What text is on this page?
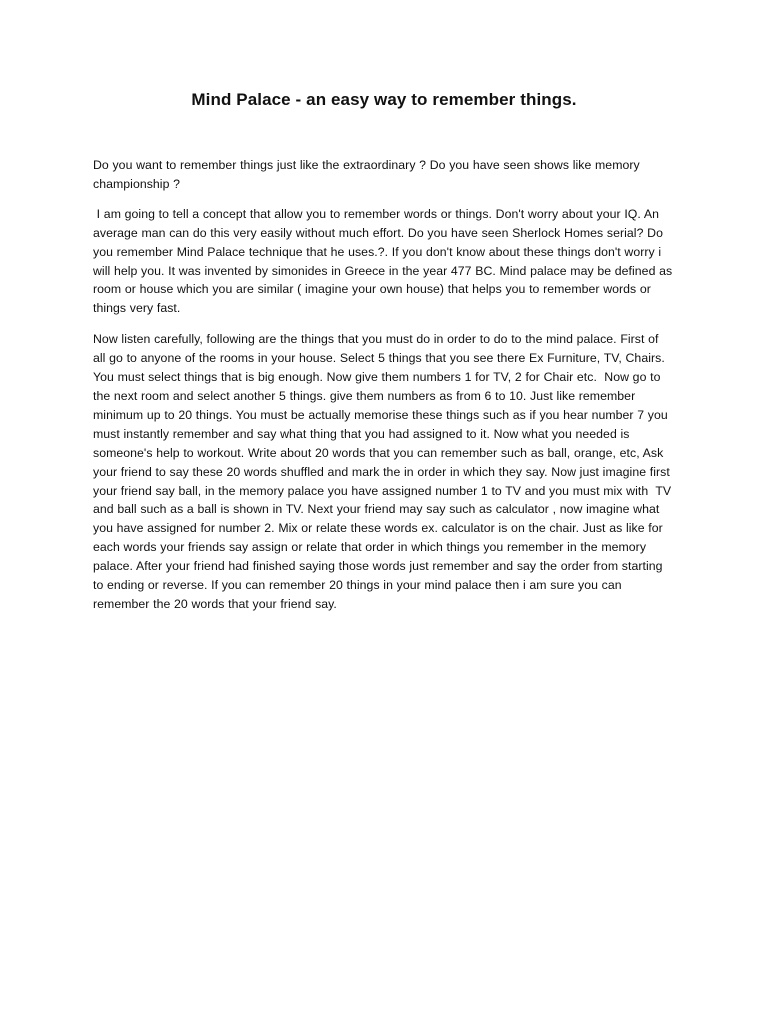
Mind Palace - an easy way to remember things.

Do you want to remember things just like the extraordinary ? Do you have seen shows like memory championship ?

I am going to tell a concept that allow you to remember words or things. Don't worry about your IQ. An average man can do this very easily without much effort. Do you have seen Sherlock Homes serial? Do you remember Mind Palace technique that he uses.?. If you don't know about these things don't worry i will help you. It was invented by simonides in Greece in the year 477 BC. Mind palace may be defined as room or house which you are similar ( imagine your own house) that helps you to remember words or things very fast.

Now listen carefully, following are the things that you must do in order to do to the mind palace. First of all go to anyone of the rooms in your house. Select 5 things that you see there Ex Furniture, TV, Chairs. You must select things that is big enough. Now give them numbers 1 for TV, 2 for Chair etc.  Now go to the next room and select another 5 things. give them numbers as from 6 to 10. Just like remember minimum up to 20 things. You must be actually memorise these things such as if you hear number 7 you must instantly remember and say what thing that you had assigned to it. Now what you needed is someone's help to workout. Write about 20 words that you can remember such as ball, orange, etc, Ask your friend to say these 20 words shuffled and mark the in order in which they say. Now just imagine first your friend say ball, in the memory palace you have assigned number 1 to TV and you must mix with  TV and ball such as a ball is shown in TV. Next your friend may say such as calculator , now imagine what you have assigned for number 2. Mix or relate these words ex. calculator is on the chair. Just as like for each words your friends say assign or relate that order in which things you remember in the memory palace. After your friend had finished saying those words just remember and say the order from starting to ending or reverse. If you can remember 20 things in your mind palace then i am sure you can remember the 20 words that your friend say.
